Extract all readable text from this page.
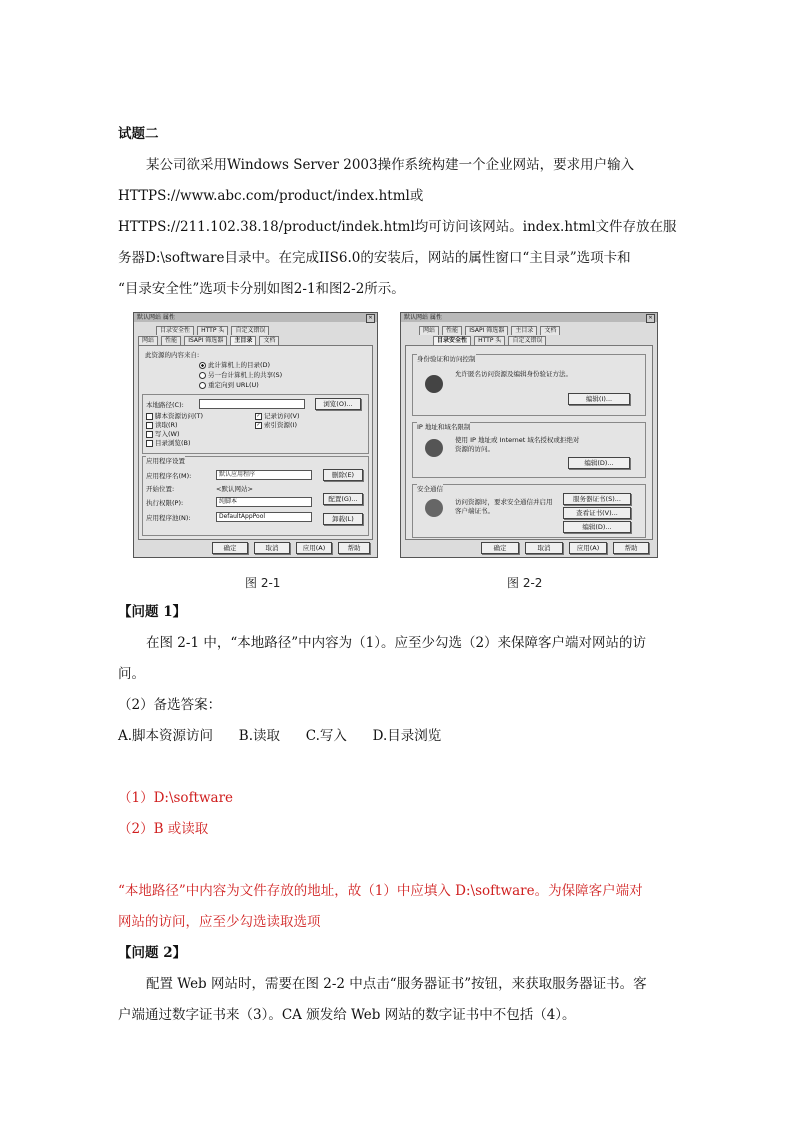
试题二
某公司欲采用Windows Server 2003操作系统构建一个企业网站，要求用户输入
HTTPS://www.abc.com/product/index.html或
HTTPS://211.102.38.18/product/indek.html均可访问该网站。index.html文件存放在服
务器D:\software目录中。在完成IIS6.0的安装后，网站的属性窗口“主目录”选项卡和
“目录安全性”选项卡分别如图2-1和图2-2所示。
默认网站 属性	✕
目录安全性 HTTP 头 自定义错误
网站 性能 ISAPI 筛选器 主目录 文档
此资源的内容来自:
此计算机上的目录(D)
另一台计算机上的共享(S)
重定向到 URL(U)
本地路径(C):	浏览(O)...
脚本资源访问(T)
读取(R)
写入(W)
目录浏览(B)
✓ 记录访问(V)
✓ 索引资源(I)
应用程序设置
应用程序名(M):	默认应用程序	删除(E)
开始位置:	<默认网站>
执行权限(P):	纯脚本	配置(G)...
应用程序池(N):	DefaultAppPool	卸载(L)
确定	取消	应用(A)	帮助
图 2-1
默认网站 属性	✕
网站 性能 ISAPI 筛选器 主目录 文档
目录安全性 HTTP 头 自定义错误
身份验证和访问控制
允许匿名访问资源及编辑身份验证方法。
编辑(I)...
IP 地址和域名限制
使用 IP 地址或 Internet 域名授权或拒绝对资源的访问。
编辑(D)...
安全通信
访问资源时，要求安全通信并启用客户端证书。
服务器证书(S)...
查看证书(V)...
编辑(D)...
确定	取消	应用(A)	帮助
图 2-2
【问题 1】
在图 2-1 中，“本地路径”中内容为（1）。应至少勾选（2）来保障客户端对网站的访
问。
（2）备选答案：
A.脚本资源访问      B.读取      C.写入      D.目录浏览
（1）D:\software
（2）B 或读取
“本地路径”中内容为文件存放的地址，故（1）中应填入 D:\software。为保障客户端对
网站的访问，应至少勾选读取选项
【问题 2】
配置 Web 网站时，需要在图 2-2 中点击“服务器证书”按钮，来获取服务器证书。客
户端通过数字证书来（3）。CA 颁发给 Web 网站的数字证书中不包括（4）。
